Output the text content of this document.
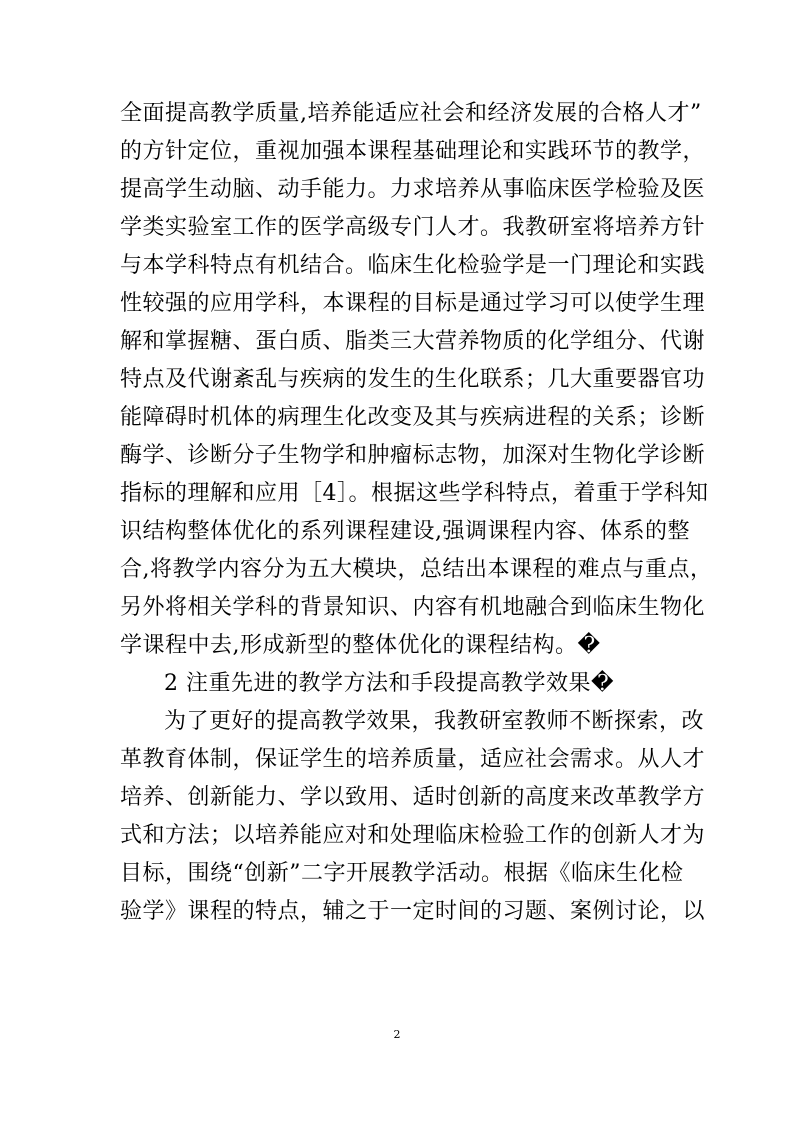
全面提高教学质量,培养能适应社会和经济发展的合格人才”
的方针定位，重视加强本课程基础理论和实践环节的教学，
提高学生动脑、动手能力。力求培养从事临床医学检验及医
学类实验室工作的医学高级专门人才。我教研室将培养方针
与本学科特点有机结合。临床生化检验学是一门理论和实践
性较强的应用学科，本课程的目标是通过学习可以使学生理
解和掌握糖、蛋白质、脂类三大营养物质的化学组分、代谢
特点及代谢紊乱与疾病的发生的生化联系；几大重要器官功
能障碍时机体的病理生化改变及其与疾病进程的关系；诊断
酶学、诊断分子生物学和肿瘤标志物，加深对生物化学诊断
指标的理解和应用［4］。根据这些学科特点，着重于学科知
识结构整体优化的系列课程建设,强调课程内容、体系的整
合,将教学内容分为五大模块，总结出本课程的难点与重点，
另外将相关学科的背景知识、内容有机地融合到临床生物化
学课程中去,形成新型的整体优化的课程结构。�
2 注重先进的教学方法和手段提高教学效果�
为了更好的提高教学效果，我教研室教师不断探索，改
革教育体制，保证学生的培养质量，适应社会需求。从人才
培养、创新能力、学以致用、适时创新的高度来改革教学方
式和方法；以培养能应对和处理临床检验工作的创新人才为
目标，围绕“创新”二字开展教学活动。根据《临床生化检
验学》课程的特点，辅之于一定时间的习题、案例讨论，以
2
